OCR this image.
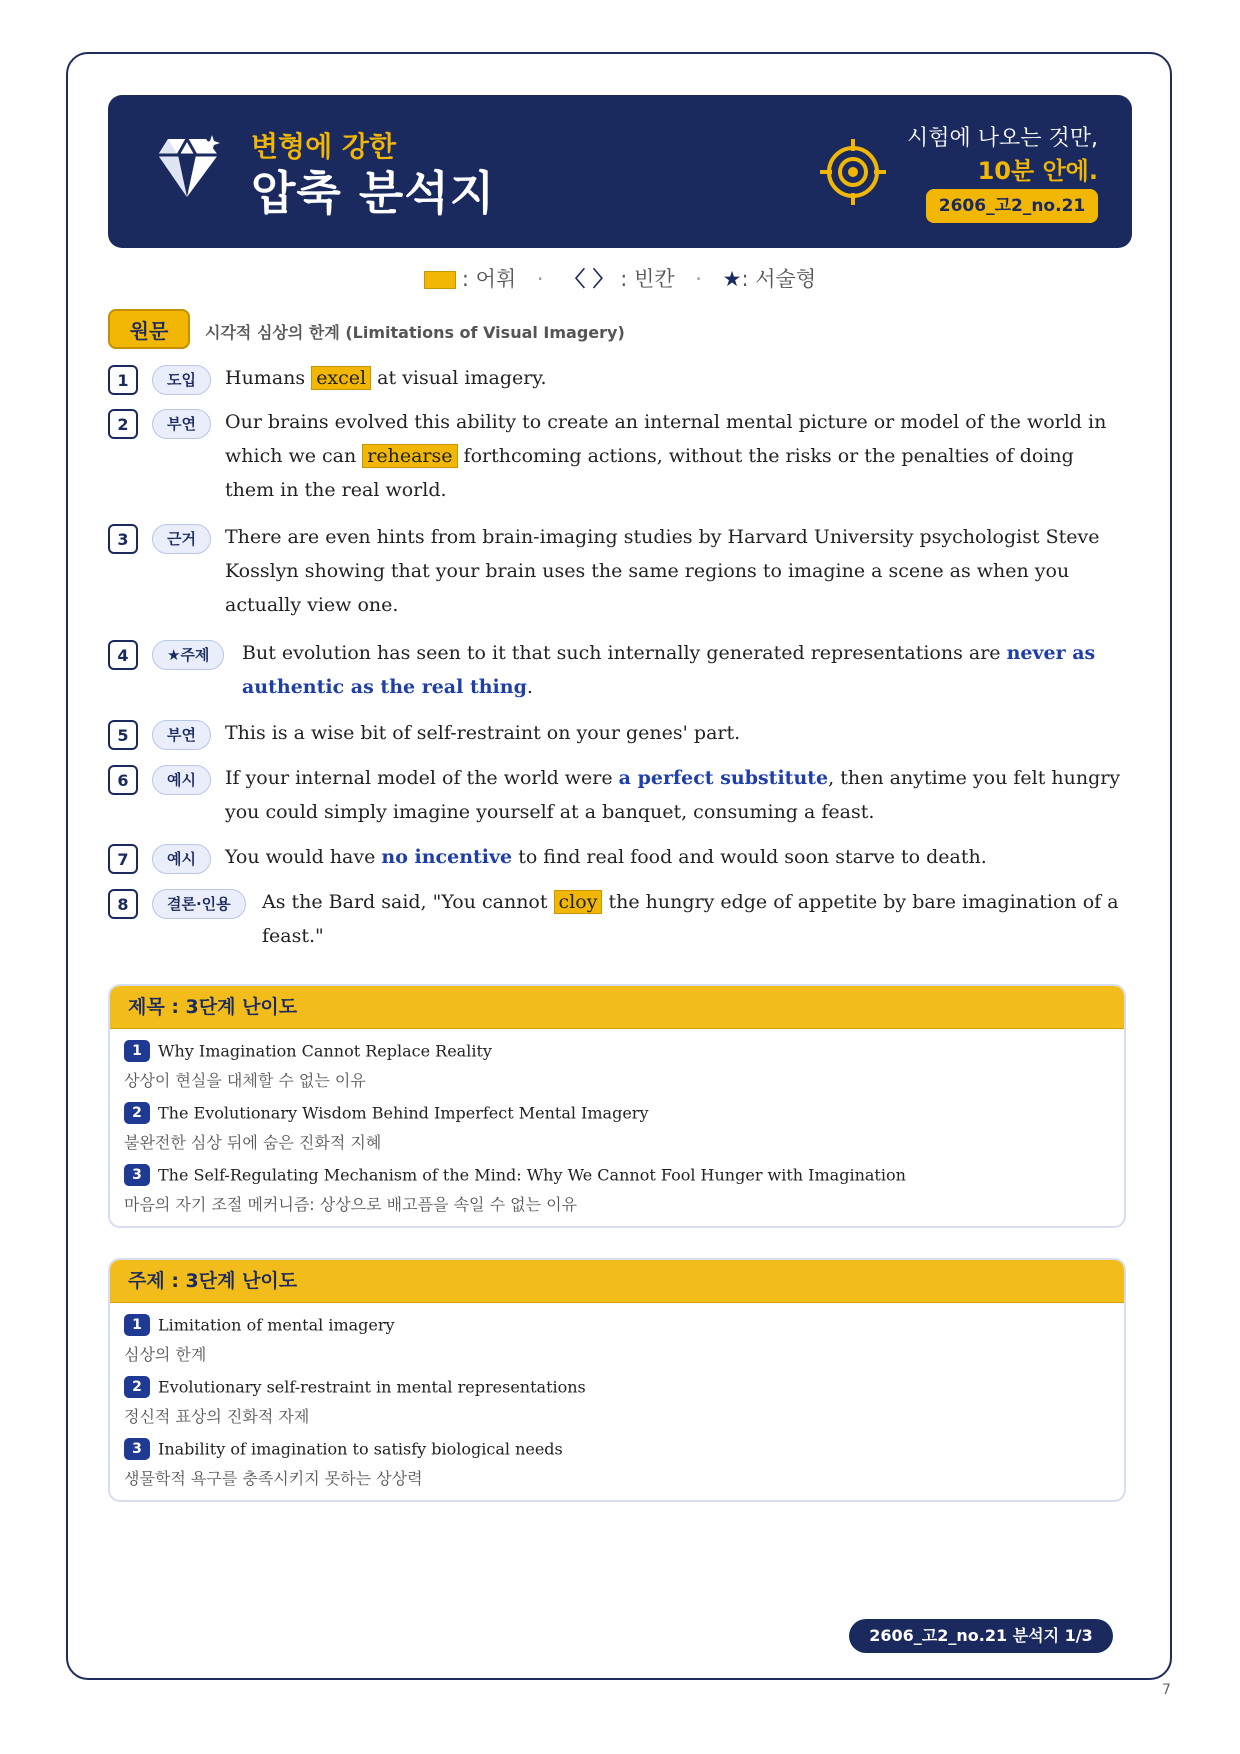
변형에 강한
압축 분석지
시험에 나오는 것만,
10분 안에.
2606_고2_no.21
: 어휘 · 〈 〉 : 빈칸 · ★: 서술형
원문	시각적 심상의 한계 (Limitations of Visual Imagery)
1	도입	Humans excel at visual imagery.
2	부연	Our brains evolved this ability to create an internal mental picture or model of the world in which we can rehearse forthcoming actions, without the risks or the penalties of doing them in the real world.
3	근거	There are even hints from brain-imaging studies by Harvard University psychologist Steve Kosslyn showing that your brain uses the same regions to imagine a scene as when you actually view one.
4	★주제	But evolution has seen to it that such internally generated representations are never as authentic as the real thing.
5	부연	This is a wise bit of self-restraint on your genes' part.
6	예시	If your internal model of the world were a perfect substitute, then anytime you felt hungry you could simply imagine yourself at a banquet, consuming a feast.
7	예시	You would have no incentive to find real food and would soon starve to death.
8	결론·인용	As the Bard said, "You cannot cloy the hungry edge of appetite by bare imagination of a feast."
제목 : 3단계 난이도
1 Why Imagination Cannot Replace Reality
상상이 현실을 대체할 수 없는 이유
2 The Evolutionary Wisdom Behind Imperfect Mental Imagery
불완전한 심상 뒤에 숨은 진화적 지혜
3 The Self-Regulating Mechanism of the Mind: Why We Cannot Fool Hunger with Imagination
마음의 자기 조절 메커니즘: 상상으로 배고픔을 속일 수 없는 이유
주제 : 3단계 난이도
1 Limitation of mental imagery
심상의 한계
2 Evolutionary self-restraint in mental representations
정신적 표상의 진화적 자제
3 Inability of imagination to satisfy biological needs
생물학적 욕구를 충족시키지 못하는 상상력
2606_고2_no.21 분석지 1/3
7
